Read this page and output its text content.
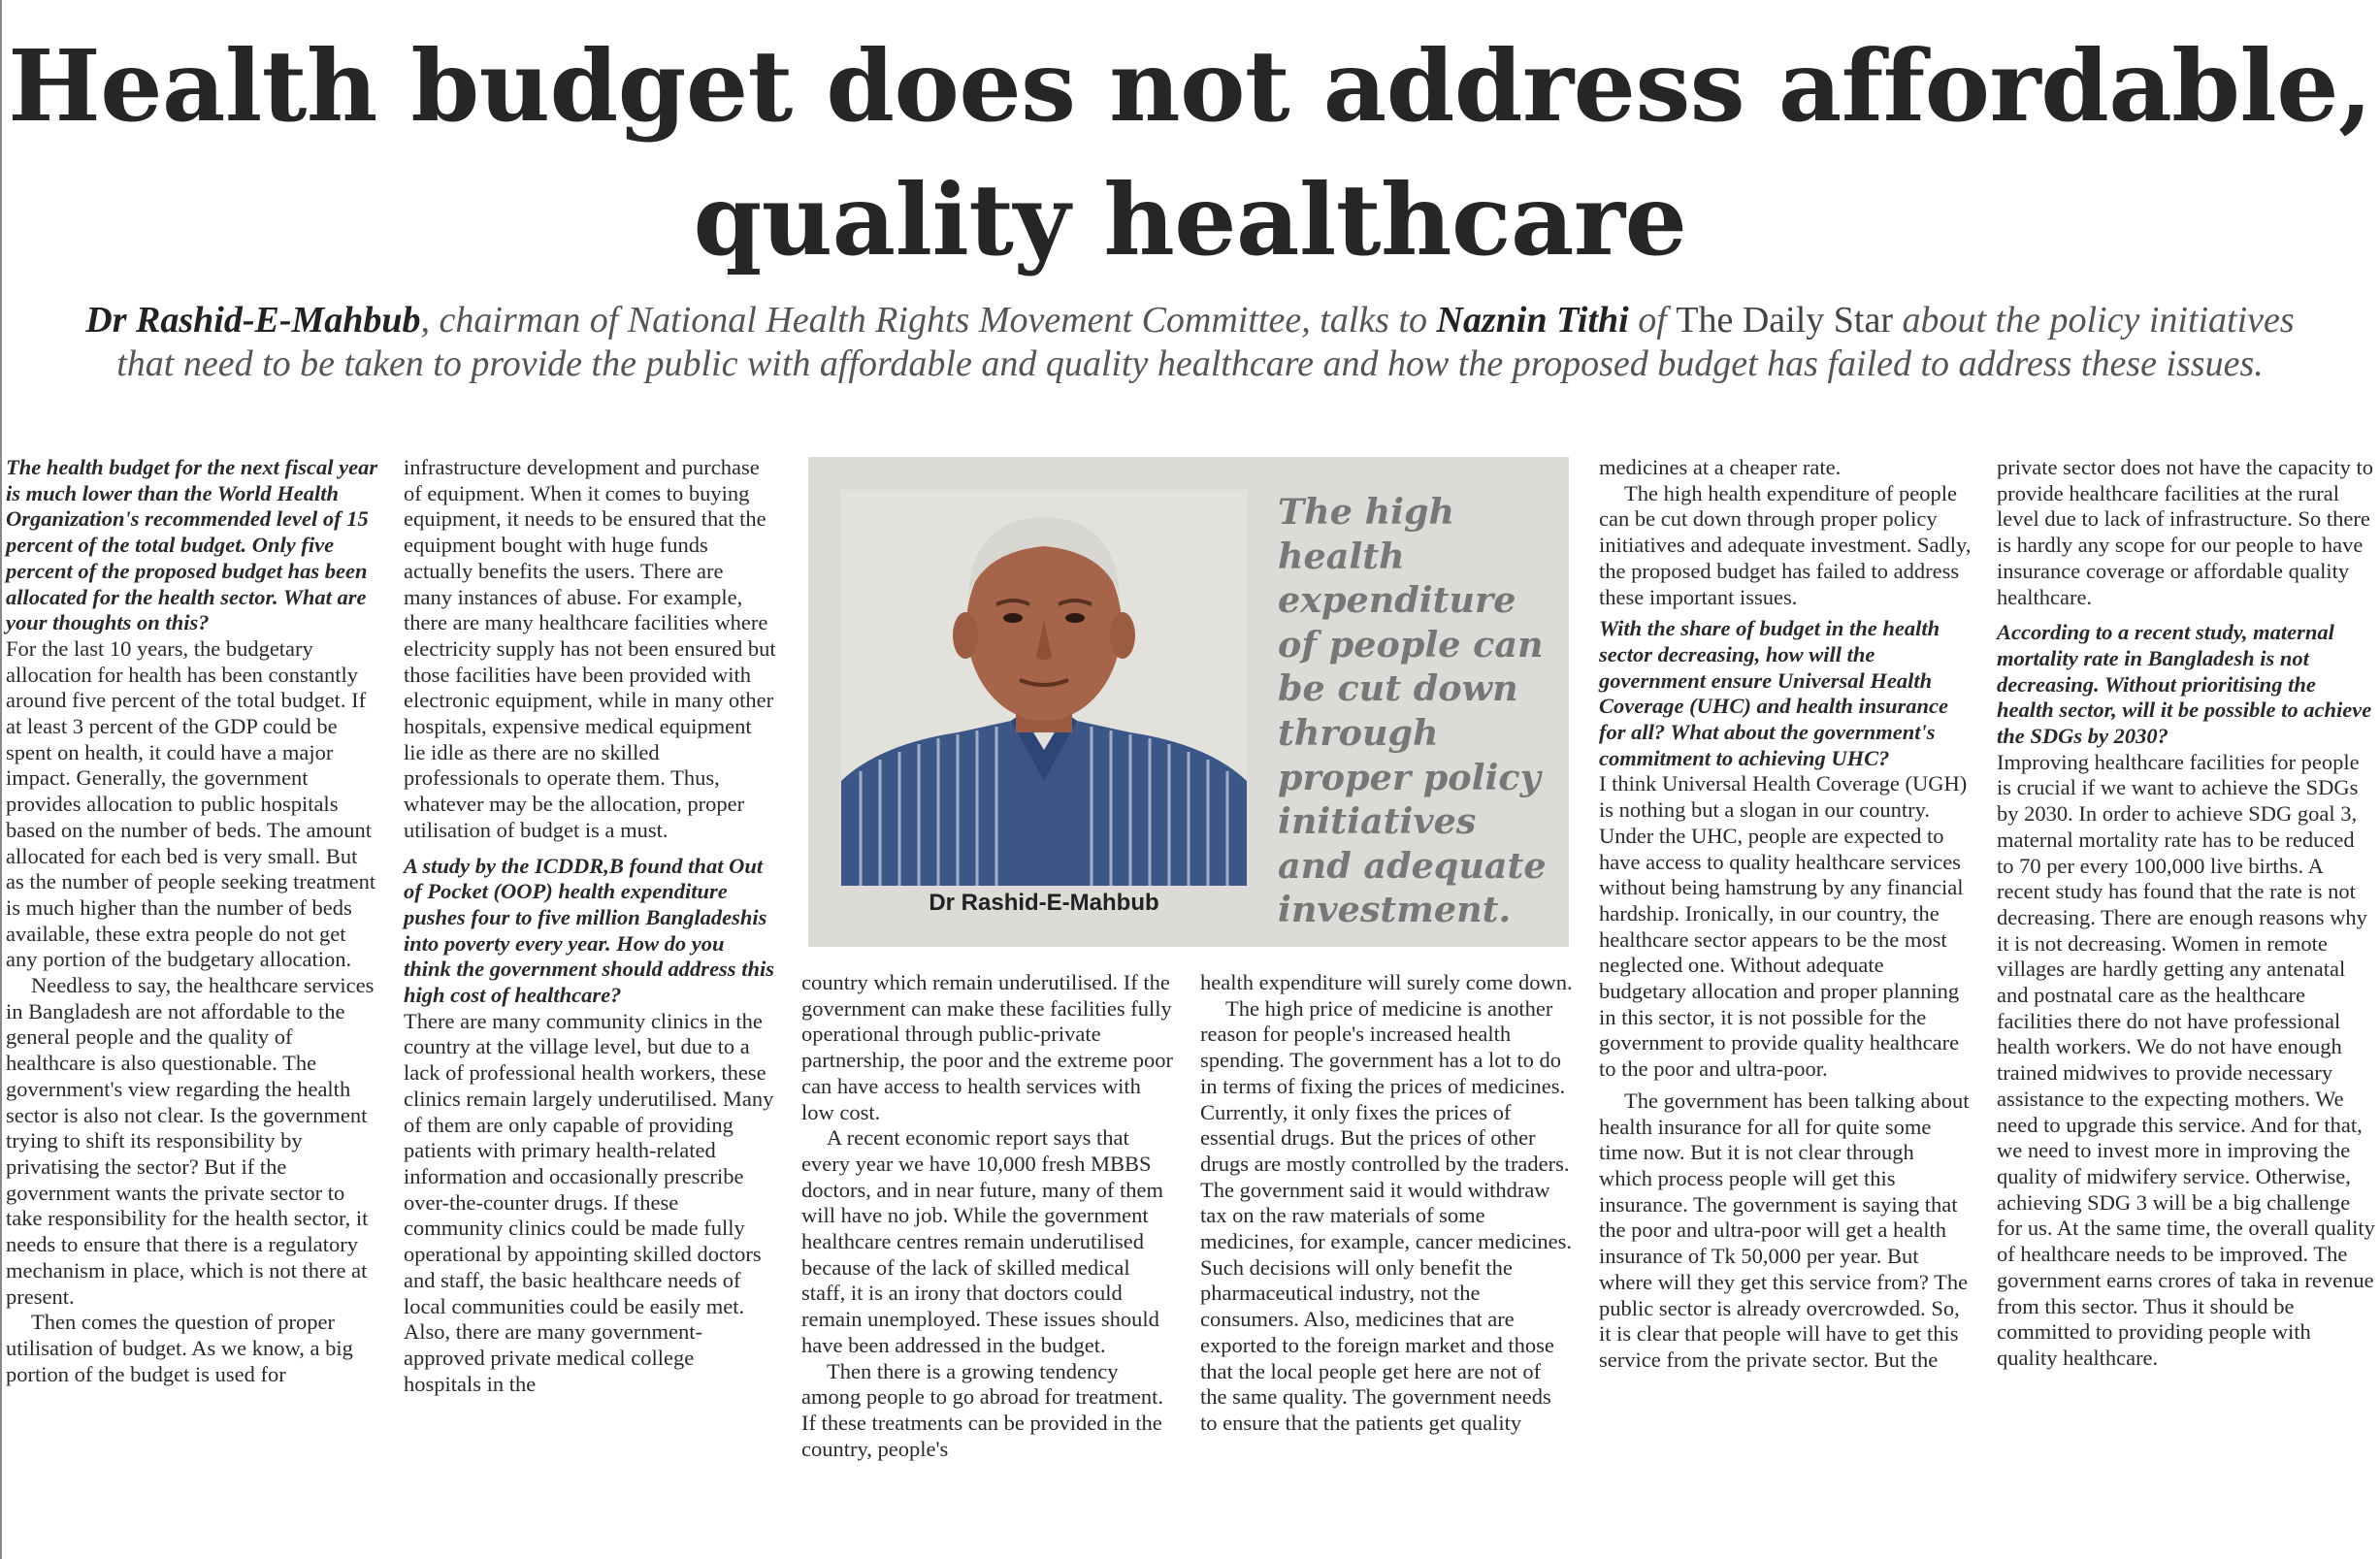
Health budget does not address affordable,
quality healthcare
Dr Rashid-E-Mahbub, chairman of National Health Rights Movement Committee, talks to Naznin Tithi of The Daily Star about the policy initiatives that need to be taken to provide the public with affordable and quality healthcare and how the proposed budget has failed to address these issues.

The health budget for the next fiscal year is much lower than the World Health Organization's recommended level of 15 percent of the total budget. Only five percent of the proposed budget has been allocated for the health sector. What are your thoughts on this?

For the last 10 years, the budgetary allocation for health has been constantly around five percent of the total budget. If at least 3 percent of the GDP could be spent on health, it could have a major impact. Generally, the government provides allocation to public hospitals based on the number of beds. The amount allocated for each bed is very small. But as the number of people seeking treatment is much higher than the number of beds available, these extra people do not get any portion of the budgetary allocation.

Needless to say, the healthcare services in Bangladesh are not affordable to the general people and the quality of healthcare is also questionable. The government's view regarding the health sector is also not clear. Is the government trying to shift its responsibility by privatising the sector? But if the government wants the private sector to take responsibility for the health sector, it needs to ensure that there is a regulatory mechanism in place, which is not there at present.

Then comes the question of proper utilisation of budget. As we know, a big portion of the budget is used for

infrastructure development and purchase of equipment. When it comes to buying equipment, it needs to be ensured that the equipment bought with huge funds actually benefits the users. There are many instances of abuse. For example, there are many healthcare facilities where electricity supply has not been ensured but those facilities have been provided with electronic equipment, while in many other hospitals, expensive medical equipment lie idle as there are no skilled professionals to operate them. Thus, whatever may be the allocation, proper utilisation of budget is a must.

A study by the ICDDR,B found that Out of Pocket (OOP) health expenditure pushes four to five million Bangladeshis into poverty every year. How do you think the government should address this high cost of healthcare?

There are many community clinics in the country at the village level, but due to a lack of professional health workers, these clinics remain largely underutilised. Many of them are only capable of providing patients with primary health-related information and occasionally prescribe over-the-counter drugs. If these community clinics could be made fully operational by appointing skilled doctors and staff, the basic healthcare needs of local communities could be easily met. Also, there are many government-approved private medical college hospitals in the

Dr Rashid-E-Mahbub
The high health expenditure of people can be cut down through proper policy initiatives and adequate investment.

country which remain underutilised. If the government can make these facilities fully operational through public-private partnership, the poor and the extreme poor can have access to health services with low cost.

A recent economic report says that every year we have 10,000 fresh MBBS doctors, and in near future, many of them will have no job. While the government healthcare centres remain underutilised because of the lack of skilled medical staff, it is an irony that doctors could remain unemployed. These issues should have been addressed in the budget.

Then there is a growing tendency among people to go abroad for treatment. If these treatments can be provided in the country, people's

health expenditure will surely come down.

The high price of medicine is another reason for people's increased health spending. The government has a lot to do in terms of fixing the prices of medicines. Currently, it only fixes the prices of essential drugs. But the prices of other drugs are mostly controlled by the traders. The government said it would withdraw tax on the raw materials of some medicines, for example, cancer medicines. Such decisions will only benefit the pharmaceutical industry, not the consumers. Also, medicines that are exported to the foreign market and those that the local people get here are not of the same quality. The government needs to ensure that the patients get quality

medicines at a cheaper rate.

The high health expenditure of people can be cut down through proper policy initiatives and adequate investment. Sadly, the proposed budget has failed to address these important issues.

With the share of budget in the health sector decreasing, how will the government ensure Universal Health Coverage (UHC) and health insurance for all? What about the government's commitment to achieving UHC?

I think Universal Health Coverage (UGH) is nothing but a slogan in our country. Under the UHC, people are expected to have access to quality healthcare services without being hamstrung by any financial hardship. Ironically, in our country, the healthcare sector appears to be the most neglected one. Without adequate budgetary allocation and proper planning in this sector, it is not possible for the government to provide quality healthcare to the poor and ultra-poor.

The government has been talking about health insurance for all for quite some time now. But it is not clear through which process people will get this insurance. The government is saying that the poor and ultra-poor will get a health insurance of Tk 50,000 per year. But where will they get this service from? The public sector is already overcrowded. So, it is clear that people will have to get this service from the private sector. But the

private sector does not have the capacity to provide healthcare facilities at the rural level due to lack of infrastructure. So there is hardly any scope for our people to have insurance coverage or affordable quality healthcare.

According to a recent study, maternal mortality rate in Bangladesh is not decreasing. Without prioritising the health sector, will it be possible to achieve the SDGs by 2030?

Improving healthcare facilities for people is crucial if we want to achieve the SDGs by 2030. In order to achieve SDG goal 3, maternal mortality rate has to be reduced to 70 per every 100,000 live births. A recent study has found that the rate is not decreasing. There are enough reasons why it is not decreasing. Women in remote villages are hardly getting any antenatal and postnatal care as the healthcare facilities there do not have professional health workers. We do not have enough trained midwives to provide necessary assistance to the expecting mothers. We need to upgrade this service. And for that, we need to invest more in improving the quality of midwifery service. Otherwise, achieving SDG 3 will be a big challenge for us. At the same time, the overall quality of healthcare needs to be improved. The government earns crores of taka in revenue from this sector. Thus it should be committed to providing people with quality healthcare.
